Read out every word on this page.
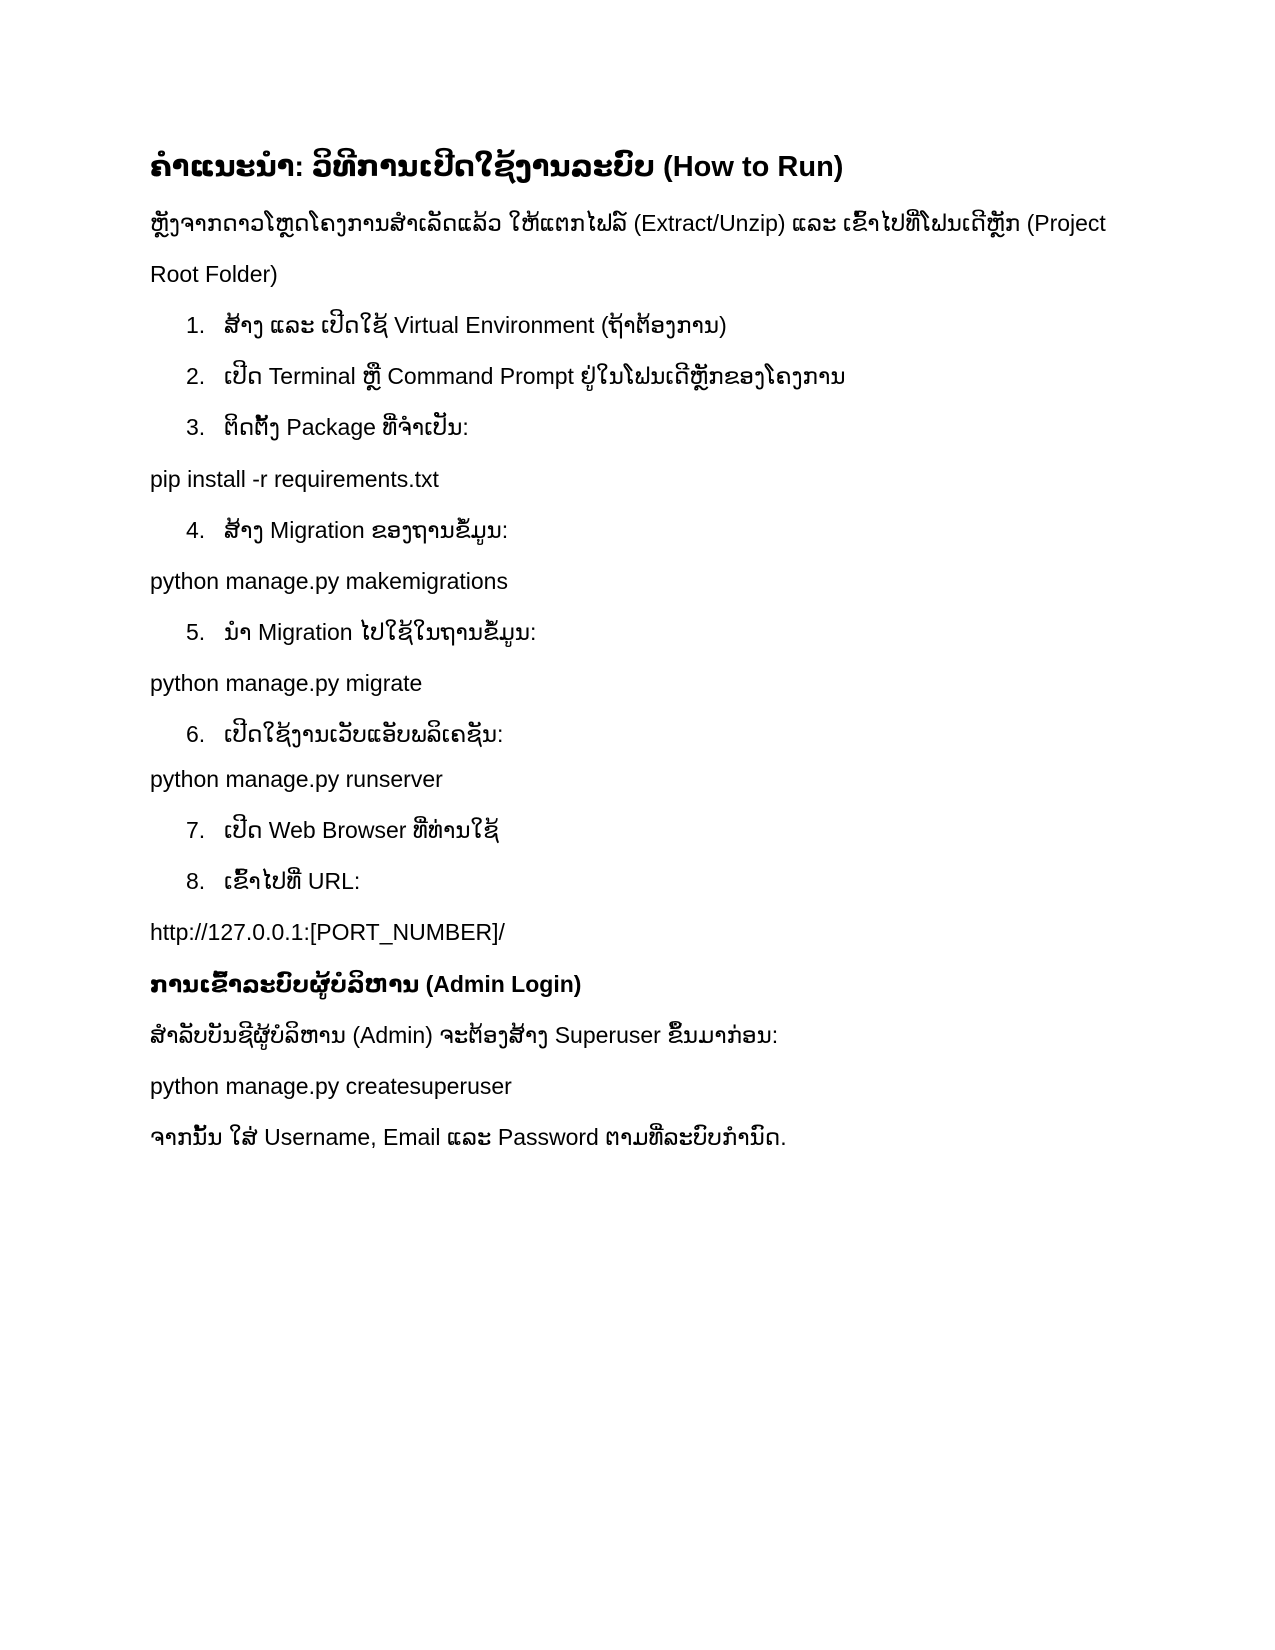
ຄໍາແນະນໍາ: ວິທີການເປີດໃຊ້ງານລະບົບ (How to Run)
ຫຼັງຈາກດາວໂຫຼດໂຄງການສໍາເລັດແລ້ວ ໃຫ້ແຕກໄຟລ໌ (Extract/Unzip) ແລະ ເຂົ້າໄປທີ່ໂຟນເດີຫຼັກ (Project
Root Folder)
1. ສ້າງ ແລະ ເປີດໃຊ້ Virtual Environment (ຖ້າຕ້ອງການ)
2. ເປີດ Terminal ຫຼື Command Prompt ຢູ່ໃນໂຟນເດີຫຼັກຂອງໂຄງການ
3. ຕິດຕັ້ງ Package ທີ່ຈໍາເປັນ:
pip install -r requirements.txt
4. ສ້າງ Migration ຂອງຖານຂໍ້ມູນ:
python manage.py makemigrations
5. ນໍາ Migration ໄປໃຊ້ໃນຖານຂໍ້ມູນ:
python manage.py migrate
6. ເປີດໃຊ້ງານເວັບແອັບພລິເຄຊັນ:
python manage.py runserver
7. ເປີດ Web Browser ທີ່ທ່ານໃຊ້
8. ເຂົ້າໄປທີ່ URL:
http://127.0.0.1:[PORT_NUMBER]/
ການເຂົ້າລະບົບຜູ້ບໍລິຫານ (Admin Login)
ສໍາລັບບັນຊີຜູ້ບໍລິຫານ (Admin) ຈະຕ້ອງສ້າງ Superuser ຂຶ້ນມາກ່ອນ:
python manage.py createsuperuser
ຈາກນັ້ນ ໃສ່ Username, Email ແລະ Password ຕາມທີ່ລະບົບກໍານົດ.
